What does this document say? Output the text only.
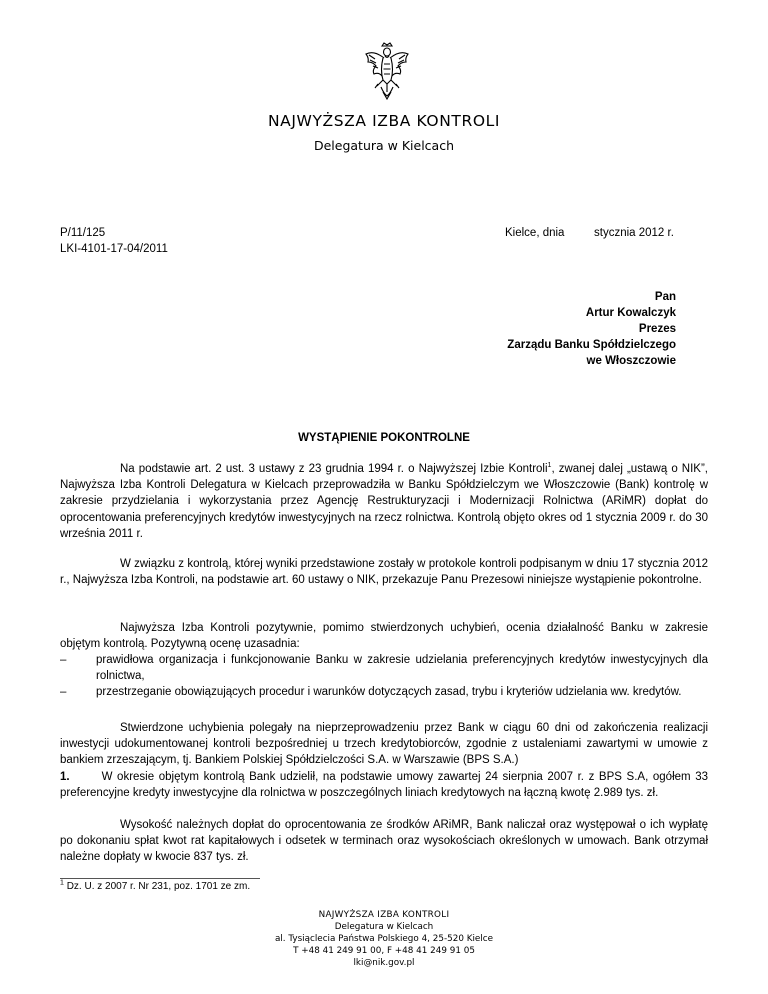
NAJWYŻSZA IZBA KONTROLI
Delegatura w Kielcach
P/11/125
LKI-4101-17-04/2011
Kielce, dnia	stycznia 2012 r.
Pan
Artur Kowalczyk
Prezes
Zarządu Banku Spółdzielczego
we Włoszczowie
WYSTĄPIENIE POKONTROLNE

Na podstawie art. 2 ust. 3 ustawy z 23 grudnia 1994 r. o Najwyższej Izbie Kontroli$^1$, zwanej dalej „ustawą o NIK”, Najwyższa Izba Kontroli Delegatura w Kielcach przeprowadziła w Banku Spółdzielczym we Włoszczowie (Bank) kontrolę w zakresie przydzielania i wykorzystania przez Agencję Restrukturyzacji i Modernizacji Rolnictwa (ARiMR) dopłat do oprocentowania preferencyjnych kredytów inwestycyjnych na rzecz rolnictwa. Kontrolą objęto okres od 1 stycznia 2009 r. do 30 września 2011 r.

W związku z kontrolą, której wyniki przedstawione zostały w protokole kontroli podpisanym w dniu 17 stycznia 2012 r., Najwyższa Izba Kontroli, na podstawie art. 60 ustawy o NIK, przekazuje Panu Prezesowi niniejsze wystąpienie pokontrolne.

Najwyższa Izba Kontroli pozytywnie, pomimo stwierdzonych uchybień, ocenia działalność Banku w zakresie objętym kontrolą. Pozytywną ocenę uzasadnia:

–	prawidłowa organizacja i funkcjonowanie Banku w zakresie udzielania preferencyjnych kredytów inwestycyjnych dla rolnictwa,
–	przestrzeganie obowiązujących procedur i warunków dotyczących zasad, trybu i kryteriów udzielania ww. kredytów.

Stwierdzone uchybienia polegały na nieprzeprowadzeniu przez Bank w ciągu 60 dni od zakończenia realizacji inwestycji udokumentowanej kontroli bezpośredniej u trzech kredytobiorców, zgodnie z ustaleniami zawartymi w umowie z bankiem zrzeszającym, tj. Bankiem Polskiej Spółdzielczości S.A. w Warszawie (BPS S.A.)

1.	W okresie objętym kontrolą Bank udzielił, na podstawie umowy zawartej 24 sierpnia 2007 r. z BPS S.A, ogółem 33 preferencyjne kredyty inwestycyjne dla rolnictwa w poszczególnych liniach kredytowych na łączną kwotę 2.989 tys. zł.

Wysokość należnych dopłat do oprocentowania ze środków ARiMR, Bank naliczał oraz występował o ich wypłatę po dokonaniu spłat kwot rat kapitałowych i odsetek w terminach oraz wysokościach określonych w umowach. Bank otrzymał należne dopłaty w kwocie 837 tys. zł.

$^1$ Dz. U. z 2007 r. Nr 231, poz. 1701 ze zm.
NAJWYŻSZA IZBA KONTROLI
Delegatura w Kielcach
al. Tysiąclecia Państwa Polskiego 4, 25-520 Kielce
T +48 41 249 91 00, F +48 41 249 91 05
lki@nik.gov.pl
